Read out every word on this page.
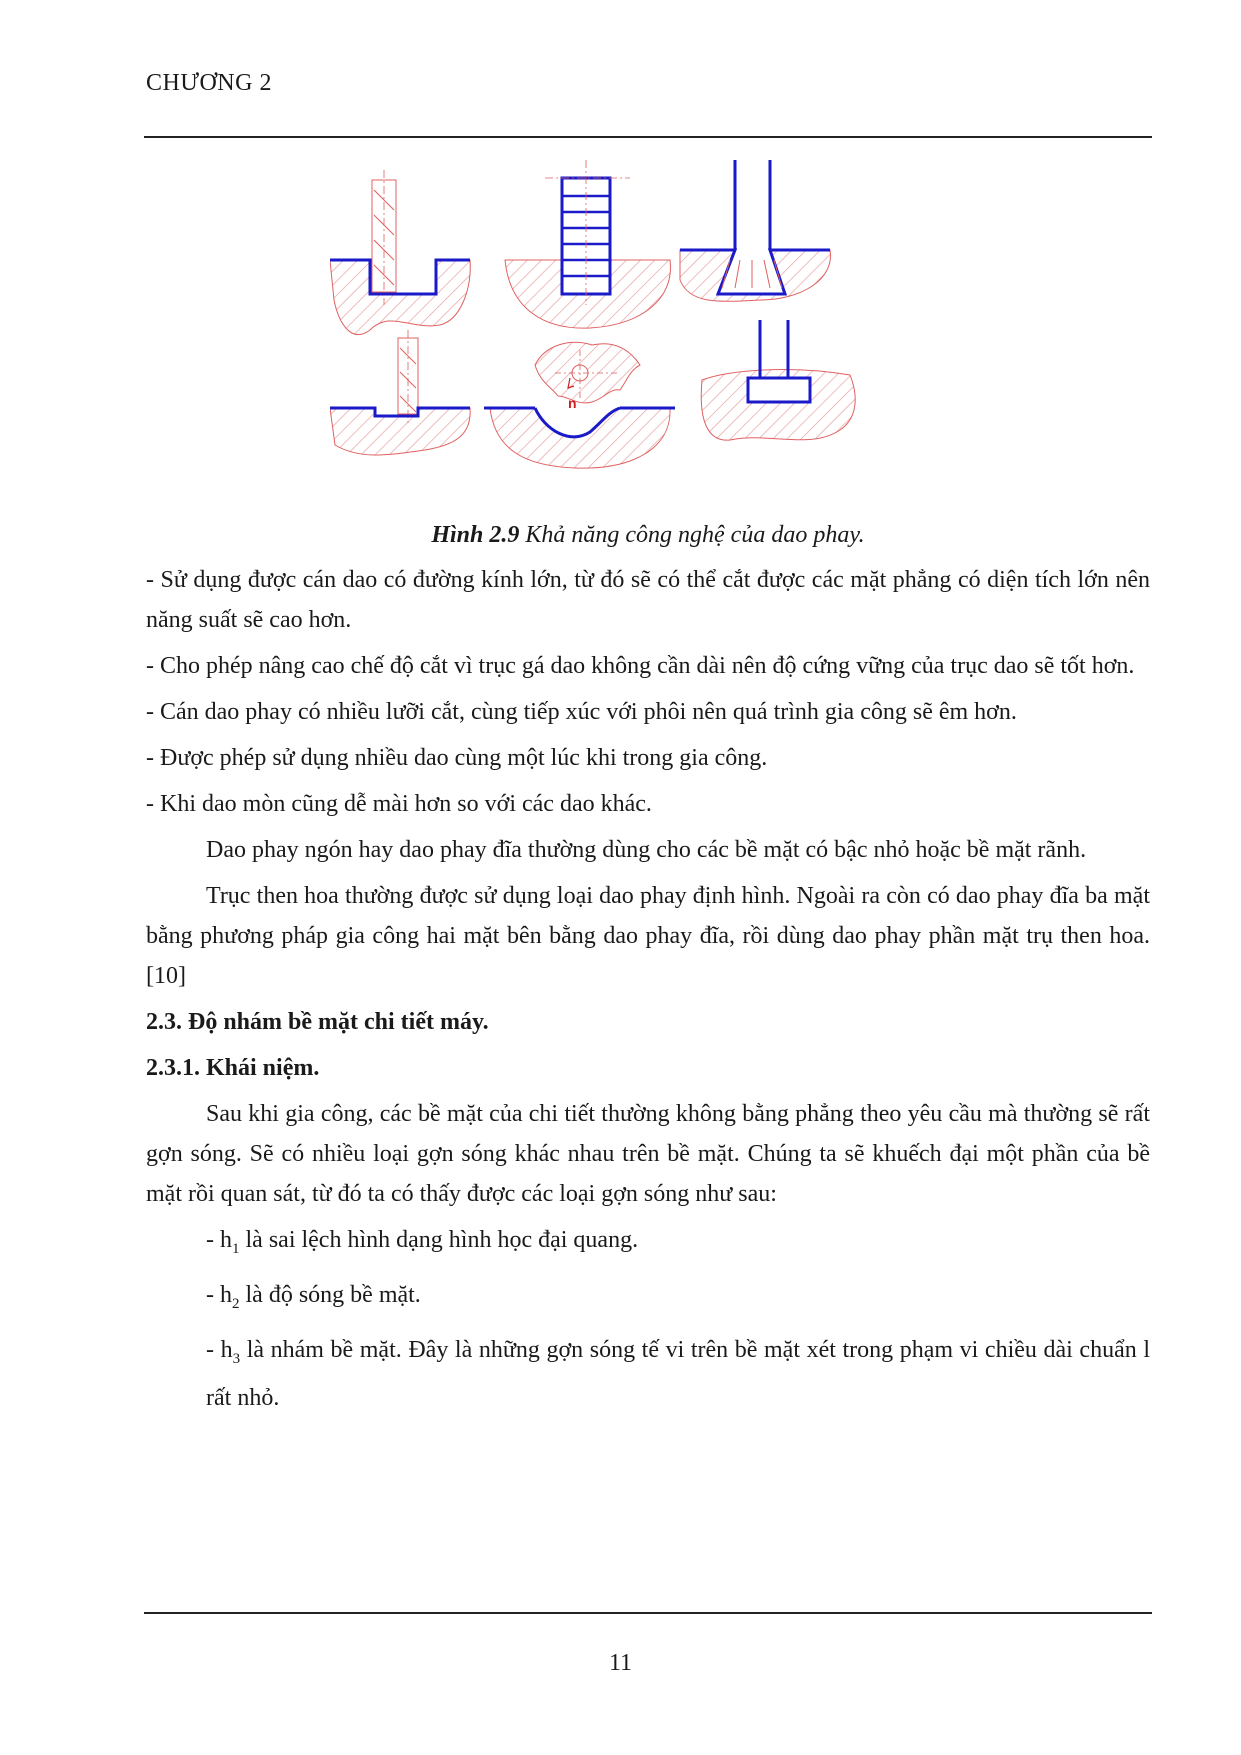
CHƯƠNG 2
n
Hình 2.9 Khả năng công nghệ của dao phay.

- Sử dụng được cán dao có đường kính lớn, từ đó sẽ có thể cắt được các mặt phẳng có diện tích lớn nên năng suất sẽ cao hơn.

- Cho phép nâng cao chế độ cắt vì trục gá dao không cần dài nên độ cứng vững của trục dao sẽ tốt hơn.

- Cán dao phay có nhiều lưỡi cắt, cùng tiếp xúc với phôi nên quá trình gia công sẽ êm hơn.

- Được phép sử dụng nhiều dao cùng một lúc khi trong gia công.

- Khi dao mòn cũng dễ mài hơn so với các dao khác.

Dao phay ngón hay dao phay đĩa thường dùng cho các bề mặt có bậc nhỏ hoặc bề mặt rãnh.

Trục then hoa thường được sử dụng loại dao phay định hình. Ngoài ra còn có dao phay đĩa ba mặt bằng phương pháp gia công hai mặt bên bằng dao phay đĩa, rồi dùng dao phay phần mặt trụ then hoa. [10]

2.3. Độ nhám bề mặt chi tiết máy.
2.3.1. Khái niệm.

Sau khi gia công, các bề mặt của chi tiết thường không bằng phẳng theo yêu cầu mà thường sẽ rất gợn sóng. Sẽ có nhiều loại gợn sóng khác nhau trên bề mặt. Chúng ta sẽ khuếch đại một phần của bề mặt rồi quan sát, từ đó ta có thấy được các loại gợn sóng như sau:

- $h_1$ là sai lệch hình dạng hình học đại quang.

- $h_2$ là độ sóng bề mặt.

- $h_3$ là nhám bề mặt. Đây là những gợn sóng tế vi trên bề mặt xét trong phạm vi chiều dài chuẩn l rất nhỏ.

11
